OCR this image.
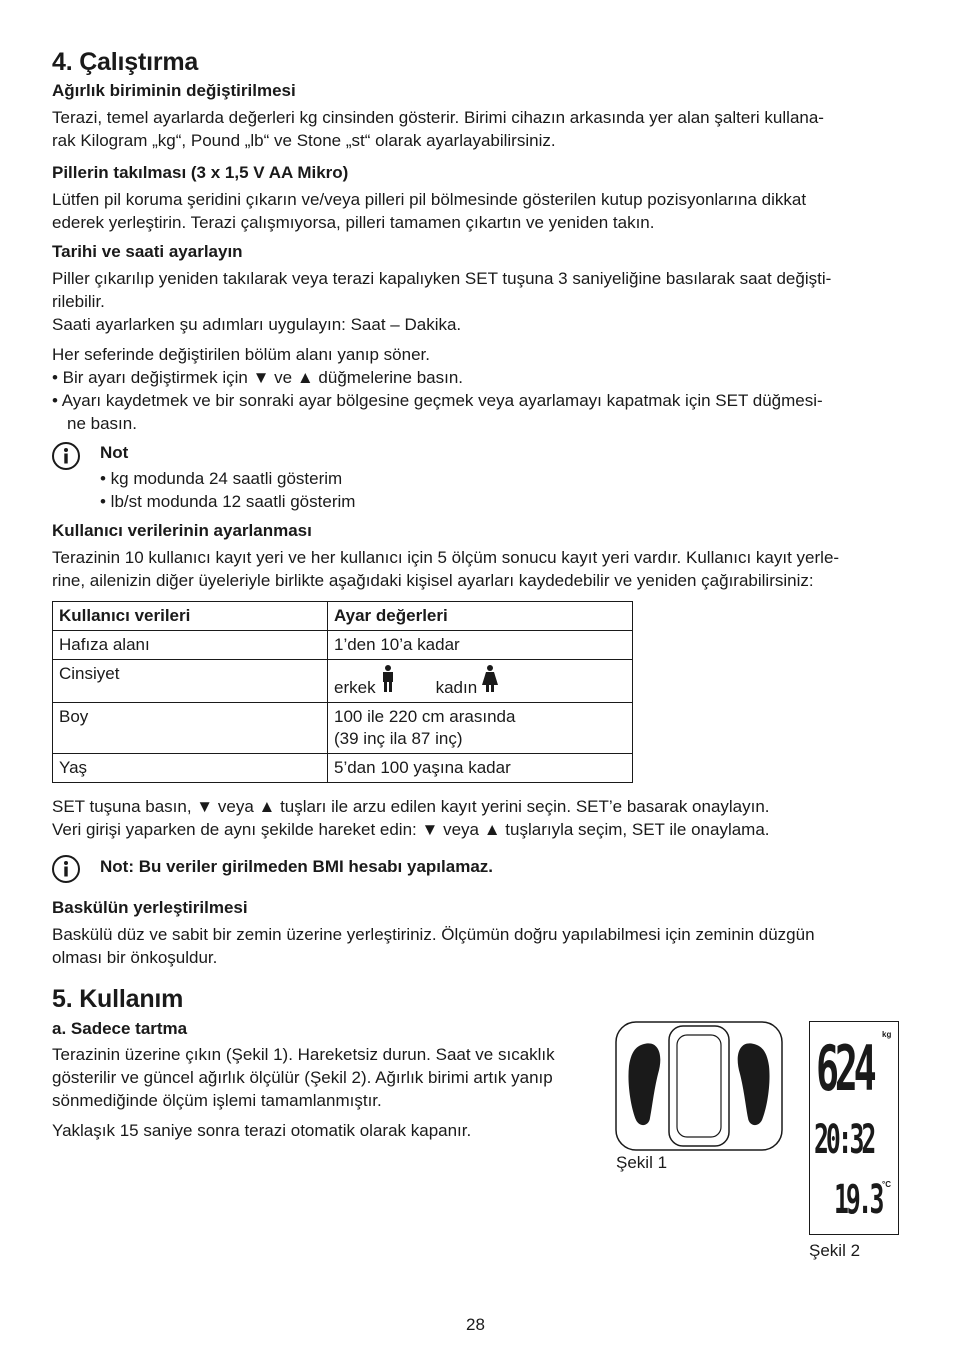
4. Çalıştırma
Ağırlık biriminin değiştirilmesi
Terazi, temel ayarlarda değerleri kg cinsinden gösterir. Birimi cihazın arkasında yer alan şalteri kullana-
rak Kilogram „kg“, Pound „lb“ ve Stone „st“ olarak ayarlayabilirsiniz.
Pillerin takılması (3 x 1,5 V AA Mikro)
Lütfen pil koruma şeridini çıkarın ve/veya pilleri pil bölmesinde gösterilen kutup pozisyonlarına dikkat
ederek yerleştirin. Terazi çalışmıyorsa, pilleri tamamen çıkartın ve yeniden takın.
Tarihi ve saati ayarlayın
Piller çıkarılıp yeniden takılarak veya terazi kapalıyken SET tuşuna 3 saniyeliğine basılarak saat değişti-
rilebilir.
Saati ayarlarken şu adımları uygulayın: Saat – Dakika.
Her seferinde değiştirilen bölüm alanı yanıp söner.
• Bir ayarı değiştirmek için ▼ ve ▲ düğmelerine basın.
• Ayarı kaydetmek ve bir sonraki ayar bölgesine geçmek veya ayarlamayı kapatmak için SET düğmesi-
ne basın.
Not
• kg modunda 24 saatli gösterim
• lb/st modunda 12 saatli gösterim
Kullanıcı verilerinin ayarlanması
Terazinin 10 kullanıcı kayıt yeri ve her kullanıcı için 5 ölçüm sonucu kayıt yeri vardır. Kullanıcı kayıt yerle-
rine, ailenizin diğer üyeleriyle birlikte aşağıdaki kişisel ayarları kaydedebilir ve yeniden çağırabilirsiniz:
Kullanıcı verileri	Ayar değerleri
Hafıza alanı	1’den 10’a kadar
Cinsiyet	erkek kadın

Boy	100 ile 220 cm arasında
(39 inç ila 87 inç)

Yaş	5’dan 100 yaşına kadar
SET tuşuna basın, ▼ veya ▲ tuşları ile arzu edilen kayıt yerini seçin. SET’e basarak onaylayın.
Veri girişi yaparken de aynı şekilde hareket edin: ▼ veya ▲ tuşlarıyla seçim, SET ile onaylama.
Not: Bu veriler girilmeden BMI hesabı yapılamaz.
Baskülün yerleştirilmesi
Baskülü düz ve sabit bir zemin üzerine yerleştiriniz. Ölçümün doğru yapılabilmesi için zeminin düzgün
olması bir önkoşuldur.
5. Kullanım
a. Sadece tartma
Terazinin üzerine çıkın (Şekil 1). Hareketsiz durun. Saat ve sıcaklık
gösterilir ve güncel ağırlık ölçülür (Şekil 2). Ağırlık birimi artık yanıp
sönmediğinde ölçüm işlemi tamamlanmıştır.
Yaklaşık 15 saniye sonra terazi otomatik olarak kapanır.
Şekil 1
kg
624
20:32
19.3 °C
Şekil 2
28
